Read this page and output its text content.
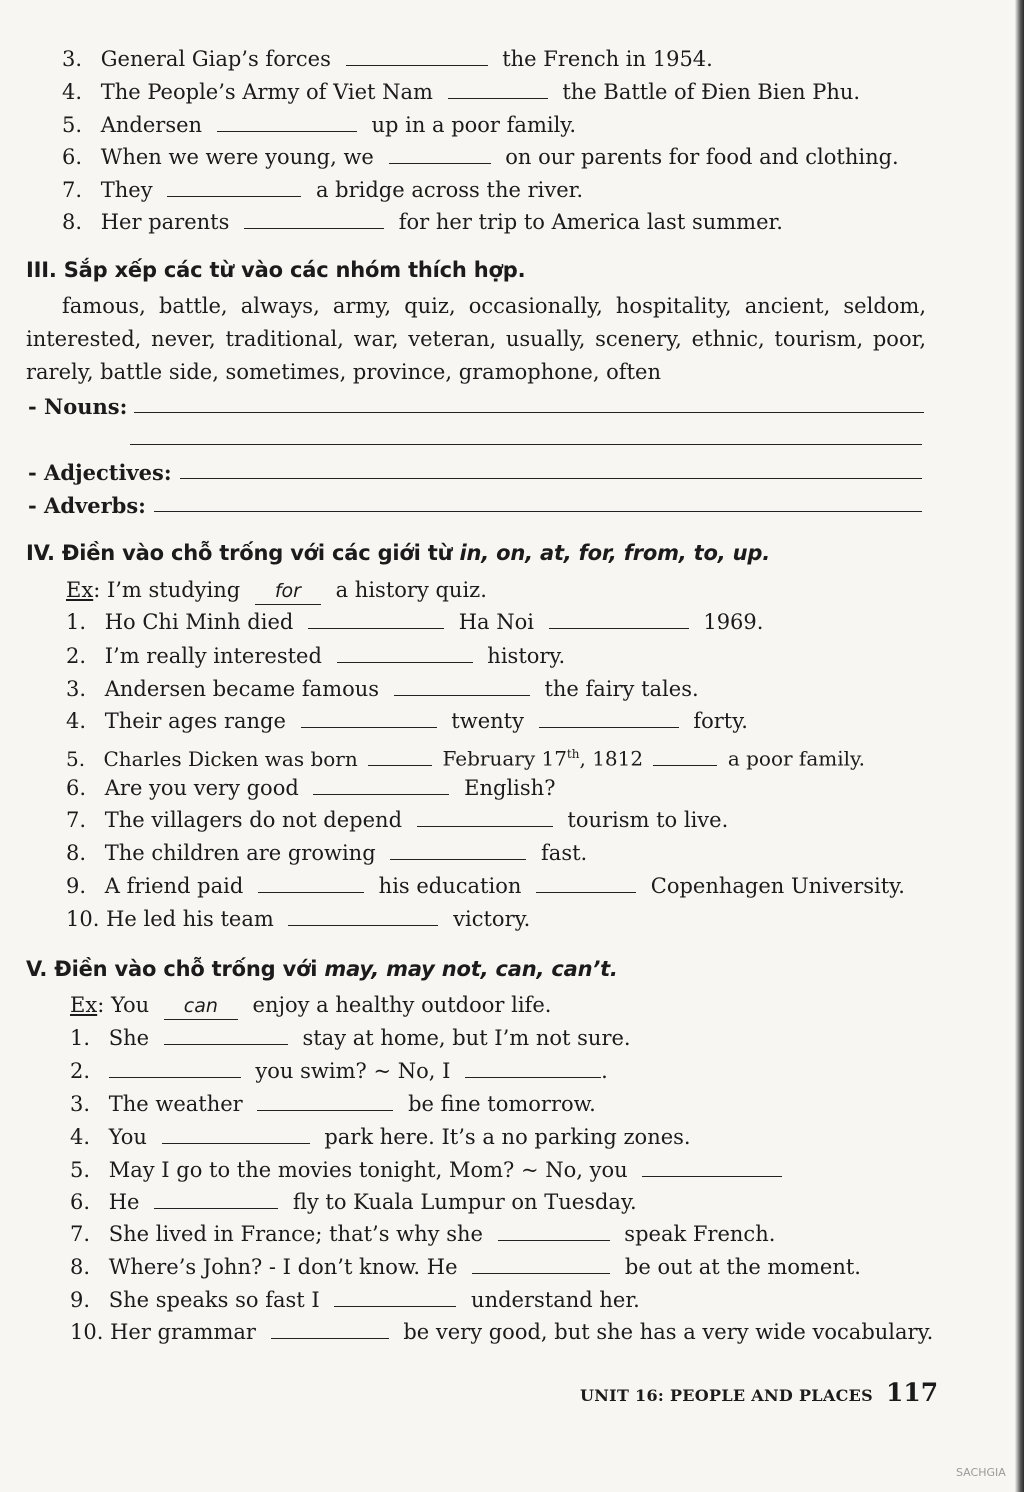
3. General Giap’s forces	the French in 1954.
4. The People’s Army of Viet Nam	the Battle of Đien Bien Phu.
5. Andersen	up in a poor family.
6. When we were young, we	on our parents for food and clothing.
7. They	a bridge across the river.
8. Her parents	for her trip to America last summer.
III. Sắp xếp các từ vào các nhóm thích hợp.
famous, battle, always, army, quiz, occasionally, hospitality, ancient, seldom, interested, never, traditional, war, veteran, usually, scenery, ethnic, tourism, poor, rarely, battle side, sometimes, province, gramophone, often
- Nouns:
- Adjectives:
- Adverbs:
IV. Điền vào chỗ trống với các giới từ in, on, at, for, from, to, up.
Ex: I’m studying for a history quiz.
1. Ho Chi Minh died	Ha Noi	1969.
2. I’m really interested	history.
3. Andersen became famous	the fairy tales.
4. Their ages range	twenty	forty.
5. Charles Dicken was born	February 17th, 1812	a poor family.
6. Are you very good	English?
7. The villagers do not depend	tourism to live.
8. The children are growing	fast.
9. A friend paid	his education	Copenhagen University.
10. He led his team	victory.
V. Điền vào chỗ trống với may, may not, can, can’t.
Ex: You can enjoy a healthy outdoor life.
1. She	stay at home, but I’m not sure.
2.	you swim? ~ No, I	.
3. The weather	be fine tomorrow.
4. You	park here. It’s a no parking zones.
5. May I go to the movies tonight, Mom? ~ No, you
6. He	fly to Kuala Lumpur on Tuesday.
7. She lived in France; that’s why she	speak French.
8. Where’s John? - I don’t know. He	be out at the moment.
9. She speaks so fast I	understand her.
10. Her grammar	be very good, but she has a very wide vocabulary.
UNIT 16: PEOPLE AND PLACES 117
SACHGIA
